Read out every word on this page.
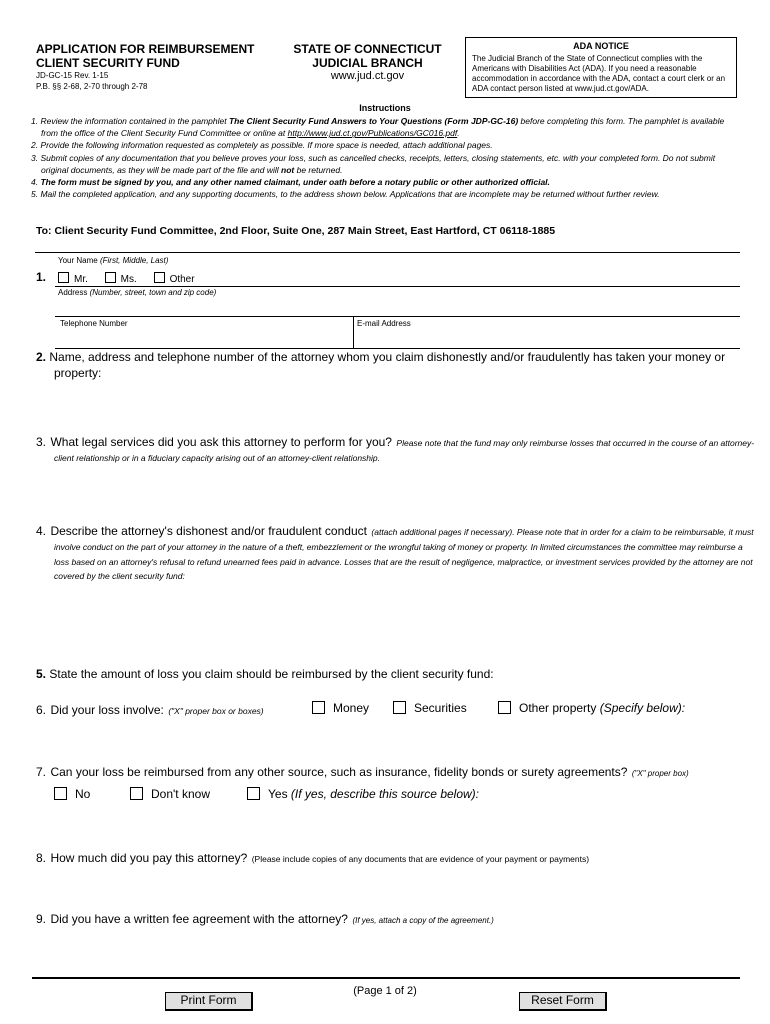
APPLICATION FOR REIMBURSEMENT
CLIENT SECURITY FUND
JD-GC-15 Rev. 1-15
P.B. §§ 2-68, 2-70 through 2-78
STATE OF CONNECTICUT
JUDICIAL BRANCH
www.jud.ct.gov
ADA NOTICE
The Judicial Branch of the State of Connecticut complies with the Americans with Disabilities Act (ADA). If you need a reasonable accommodation in accordance with the ADA, contact a court clerk or an ADA contact person listed at www.jud.ct.gov/ADA.
Instructions
1. Review the information contained in the pamphlet The Client Security Fund Answers to Your Questions (Form JDP-GC-16) before completing this form. The pamphlet is available from the office of the Client Security Fund Committee or online at http://www.jud.ct.gov/Publications/GC016.pdf.
2. Provide the following information requested as completely as possible. If more space is needed, attach additional pages.
3. Submit copies of any documentation that you believe proves your loss, such as cancelled checks, receipts, letters, closing statements, etc. with your completed form. Do not submit original documents, as they will be made part of the file and will not be returned.
4. The form must be signed by you, and any other named claimant, under oath before a notary public or other authorized official.
5. Mail the completed application, and any supporting documents, to the address shown below. Applications that are incomplete may be returned without further review.
To: Client Security Fund Committee, 2nd Floor, Suite One, 287 Main Street, East Hartford, CT 06118-1885
Your Name (First, Middle, Last)
1.	Mr.	Ms.	Other
Address (Number, street, town and zip code)
Telephone Number	E-mail Address
2. Name, address and telephone number of the attorney whom you claim dishonestly and/or fraudulently has taken your money or property:
3. What legal services did you ask this attorney to perform for you? Please note that the fund may only reimburse losses that occurred in the course of an attorney-client relationship or in a fiduciary capacity arising out of an attorney-client relationship.
4. Describe the attorney's dishonest and/or fraudulent conduct (attach additional pages if necessary). Please note that in order for a claim to be reimbursable, it must involve conduct on the part of your attorney in the nature of a theft, embezzlement or the wrongful taking of money or property. In limited circumstances the committee may reimburse a loss based on an attorney's refusal to refund unearned fees paid in advance. Losses that are the result of negligence, malpractice, or investment services provided by the attorney are not covered by the client security fund:
5. State the amount of loss you claim should be reimbursed by the client security fund:
6. Did your loss involve: ("X" proper box or boxes)	Money	Securities	Other property (Specify below):
7. Can your loss be reimbursed from any other source, such as insurance, fidelity bonds or surety agreements? ("X" proper box)
No	Don't know	Yes (If yes, describe this source below):
8. How much did you pay this attorney? (Please include copies of any documents that are evidence of your payment or payments)
9. Did you have a written fee agreement with the attorney? (If yes, attach a copy of the agreement.)
(Page 1 of 2)
Print Form	Reset Form
